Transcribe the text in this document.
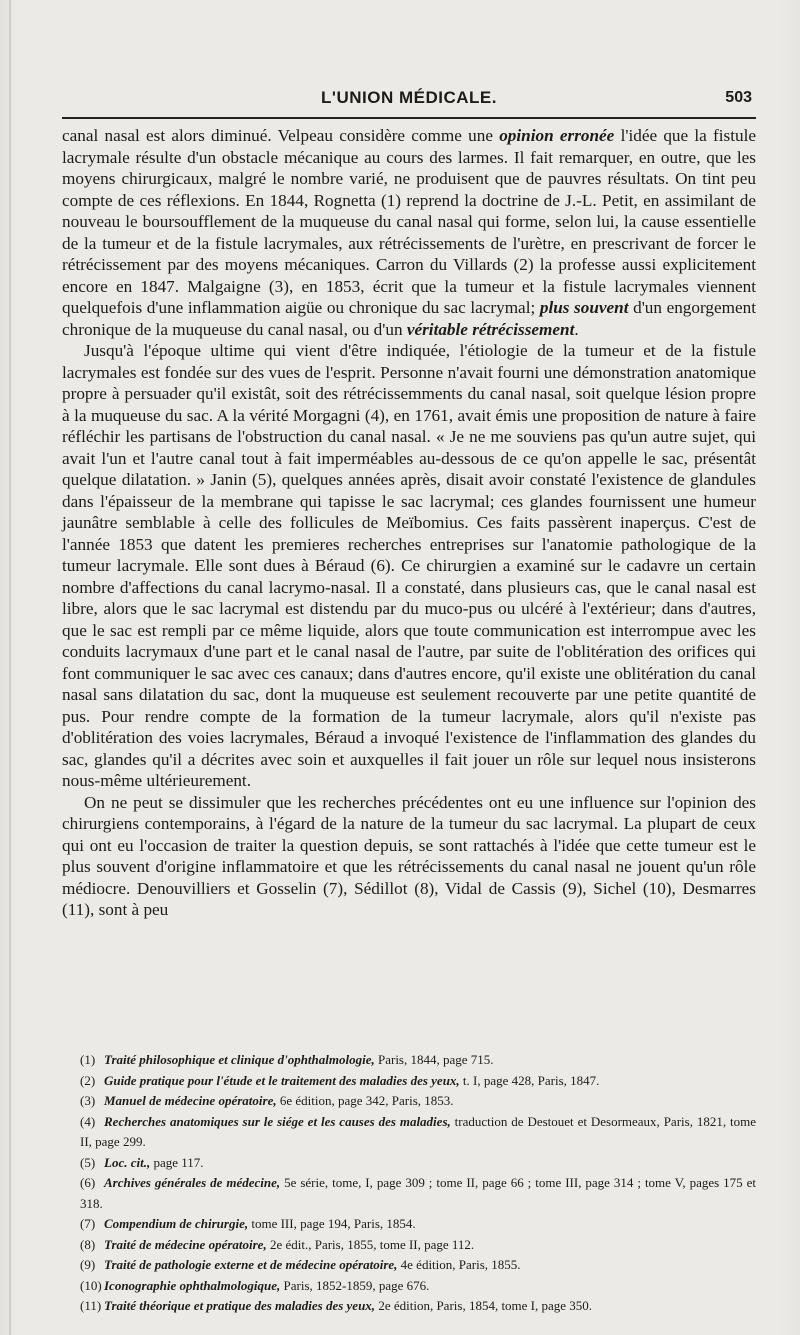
L'UNION MÉDICALE.	503

canal nasal est alors diminué. Velpeau considère comme une opinion erronée l'idée que la fistule lacrymale résulte d'un obstacle mécanique au cours des larmes. Il fait remarquer, en outre, que les moyens chirurgicaux, malgré le nombre varié, ne produisent que de pauvres résultats. On tint peu compte de ces réflexions. En 1844, Rognetta (1) reprend la doctrine de J.-L. Petit, en assimilant de nouveau le boursoufflement de la muqueuse du canal nasal qui forme, selon lui, la cause essentielle de la tumeur et de la fistule lacrymales, aux rétrécissements de l'urètre, en prescrivant de forcer le rétrécissement par des moyens mécaniques. Carron du Villards (2) la professe aussi explicitement encore en 1847. Malgaigne (3), en 1853, écrit que la tumeur et la fistule lacrymales viennent quelquefois d'une inflammation aigüe ou chronique du sac lacrymal; plus souvent d'un engorgement chronique de la muqueuse du canal nasal, ou d'un véritable rétrécissement.

Jusqu'à l'époque ultime qui vient d'être indiquée, l'étiologie de la tumeur et de la fistule lacrymales est fondée sur des vues de l'esprit. Personne n'avait fourni une démonstration anatomique propre à persuader qu'il existât, soit des rétrécissemments du canal nasal, soit quelque lésion propre à la muqueuse du sac. A la vérité Morgagni (4), en 1761, avait émis une proposition de nature à faire réfléchir les partisans de l'obstruction du canal nasal. « Je ne me souviens pas qu'un autre sujet, qui avait l'un et l'autre canal tout à fait imperméables au-dessous de ce qu'on appelle le sac, présentât quelque dilatation. » Janin (5), quelques années après, disait avoir constaté l'existence de glandules dans l'épaisseur de la membrane qui tapisse le sac lacrymal; ces glandes fournissent une humeur jaunâtre semblable à celle des follicules de Meïbomius. Ces faits passèrent inaperçus. C'est de l'année 1853 que datent les premieres recherches entreprises sur l'anatomie pathologique de la tumeur lacrymale. Elle sont dues à Béraud (6). Ce chirurgien a examiné sur le cadavre un certain nombre d'affections du canal lacrymo-nasal. Il a constaté, dans plusieurs cas, que le canal nasal est libre, alors que le sac lacrymal est distendu par du muco-pus ou ulcéré à l'extérieur; dans d'autres, que le sac est rempli par ce même liquide, alors que toute communication est interrompue avec les conduits lacrymaux d'une part et le canal nasal de l'autre, par suite de l'oblitération des orifices qui font communiquer le sac avec ces canaux; dans d'autres encore, qu'il existe une oblitération du canal nasal sans dilatation du sac, dont la muqueuse est seulement recouverte par une petite quantité de pus. Pour rendre compte de la formation de la tumeur lacrymale, alors qu'il n'existe pas d'oblitération des voies lacrymales, Béraud a invoqué l'existence de l'inflammation des glandes du sac, glandes qu'il a décrites avec soin et auxquelles il fait jouer un rôle sur lequel nous insisterons nous-même ultérieurement.

On ne peut se dissimuler que les recherches précédentes ont eu une influence sur l'opinion des chirurgiens contemporains, à l'égard de la nature de la tumeur du sac lacrymal. La plupart de ceux qui ont eu l'occasion de traiter la question depuis, se sont rattachés à l'idée que cette tumeur est le plus souvent d'origine inflammatoire et que les rétrécissements du canal nasal ne jouent qu'un rôle médiocre. Denouvilliers et Gosselin (7), Sédillot (8), Vidal de Cassis (9), Sichel (10), Desmarres (11), sont à peu

(1) Traité philosophique et clinique d'ophthalmologie, Paris, 1844, page 715.
(2) Guide pratique pour l'étude et le traitement des maladies des yeux, t. I, page 428, Paris, 1847.
(3) Manuel de médecine opératoire, 6e édition, page 342, Paris, 1853.
(4) Recherches anatomiques sur le siége et les causes des maladies, traduction de Destouet et Desormeaux, Paris, 1821, tome II, page 299.
(5) Loc. cit., page 117.
(6) Archives générales de médecine, 5e série, tome, I, page 309 ; tome II, page 66 ; tome III, page 314 ; tome V, pages 175 et 318.
(7) Compendium de chirurgie, tome III, page 194, Paris, 1854.
(8) Traité de médecine opératoire, 2e édit., Paris, 1855, tome II, page 112.
(9) Traité de pathologie externe et de médecine opératoire, 4e édition, Paris, 1855.
(10) Iconographie ophthalmologique, Paris, 1852-1859, page 676.
(11) Traité théorique et pratique des maladies des yeux, 2e édition, Paris, 1854, tome I, page 350.
